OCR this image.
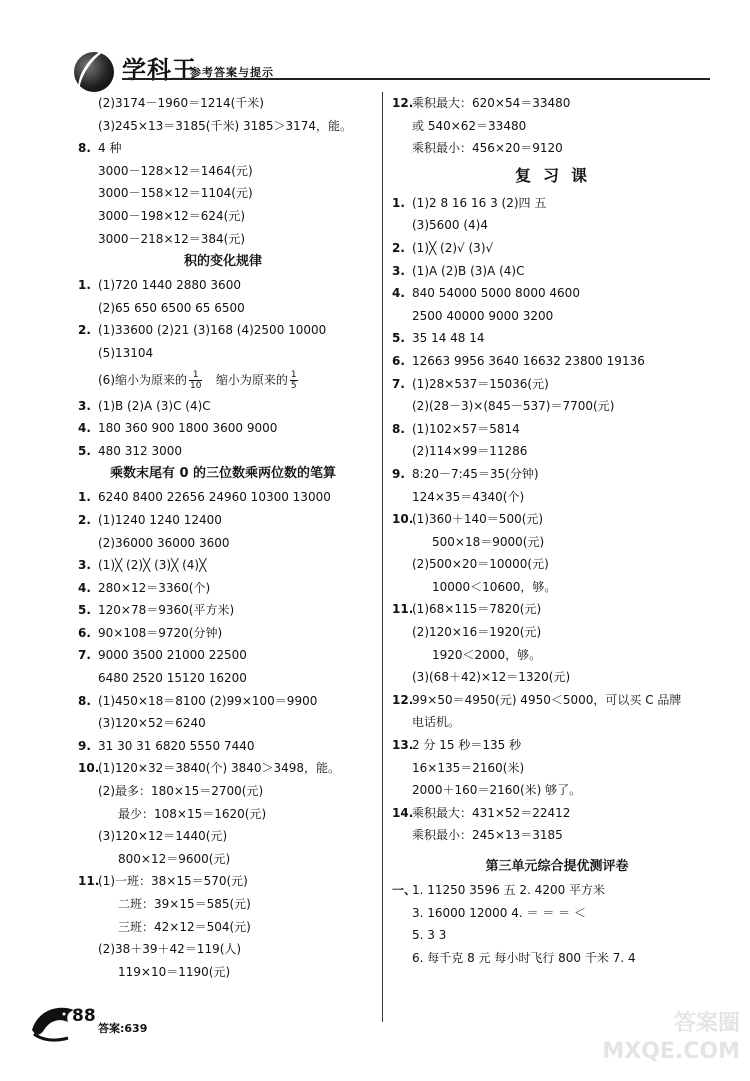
学科王
参考答案与提示
(2)3174－1960＝1214(千米)
(3)245×13＝3185(千米) 3185＞3174，能。
8. 4 种
3000－128×12＝1464(元)
3000－158×12＝1104(元)
3000－198×12＝624(元)
3000－218×12＝384(元)
积的变化规律
1. (1)720 1440 2880 3600
(2)65 650 6500 65 6500
2. (1)33600 (2)21 (3)168 (4)2500 10000
(5)13104
(6)缩小为原来的 $\frac{1}{10}$ 缩小为原来的 $\frac{1}{5}$
3. (1)B (2)A (3)C (4)C
4. 180 360 900 1800 3600 9000
5. 480 312 3000
乘数末尾有 0 的三位数乘两位数的笔算
1. 6240 8400 22656 24960 10300 13000
2. (1)1240 1240 12400
(2)36000 36000 3600
3. (1)╳ (2)╳ (3)╳ (4)╳
4. 280×12＝3360(个)
5. 120×78＝9360(平方米)
6. 90×108＝9720(分钟)
7. 9000 3500 21000 22500
6480 2520 15120 16200
8. (1)450×18＝8100 (2)99×100＝9900
(3)120×52＝6240
9. 31 30 31 6820 5550 7440
10.(1)120×32＝3840(个) 3840＞3498，能。
(2)最多：180×15＝2700(元)
最少：108×15＝1620(元)
(3)120×12＝1440(元)
800×12＝9600(元)
11.(1)一班：38×15＝570(元)
二班：39×15＝585(元)
三班：42×12＝504(元)
(2)38＋39＋42＝119(人)
119×10＝1190(元)
12.乘积最大：620×54＝33480
或 540×62＝33480
乘积最小：456×20＝9120
复习课
1. (1)2 8 16 16 3 (2)四 五
(3)5600 (4)4
2. (1)╳ (2)√ (3)√
3. (1)A (2)B (3)A (4)C
4. 840 54000 5000 8000 4600
2500 40000 9000 3200
5. 35 14 48 14
6. 12663 9956 3640 16632 23800 19136
7. (1)28×537＝15036(元)
(2)(28－3)×(845－537)＝7700(元)
8. (1)102×57＝5814
(2)114×99＝11286
9. 8:20－7:45＝35(分钟)
124×35＝4340(个)
10.(1)360＋140＝500(元)
500×18＝9000(元)
(2)500×20＝10000(元)
10000＜10600，够。
11.(1)68×115＝7820(元)
(2)120×16＝1920(元)
1920＜2000，够。
(3)(68＋42)×12＝1320(元)
12.99×50＝4950(元) 4950＜5000，可以买 C 品牌
电话机。
13.2 分 15 秒＝135 秒
16×135＝2160(米)
2000＋160＝2160(米) 够了。
14.乘积最大：431×52＝22412
乘积最小：245×13＝3185
第三单元综合提优测评卷
一、1. 11250 3596 五 2. 4200 平方米
3. 16000 12000 4. ＝ ＝ ＝ ＜
5. 3 3
6. 每千克 8 元 每小时飞行 800 千米 7. 4
88
答案:639	答案圈
MXQE.COM
